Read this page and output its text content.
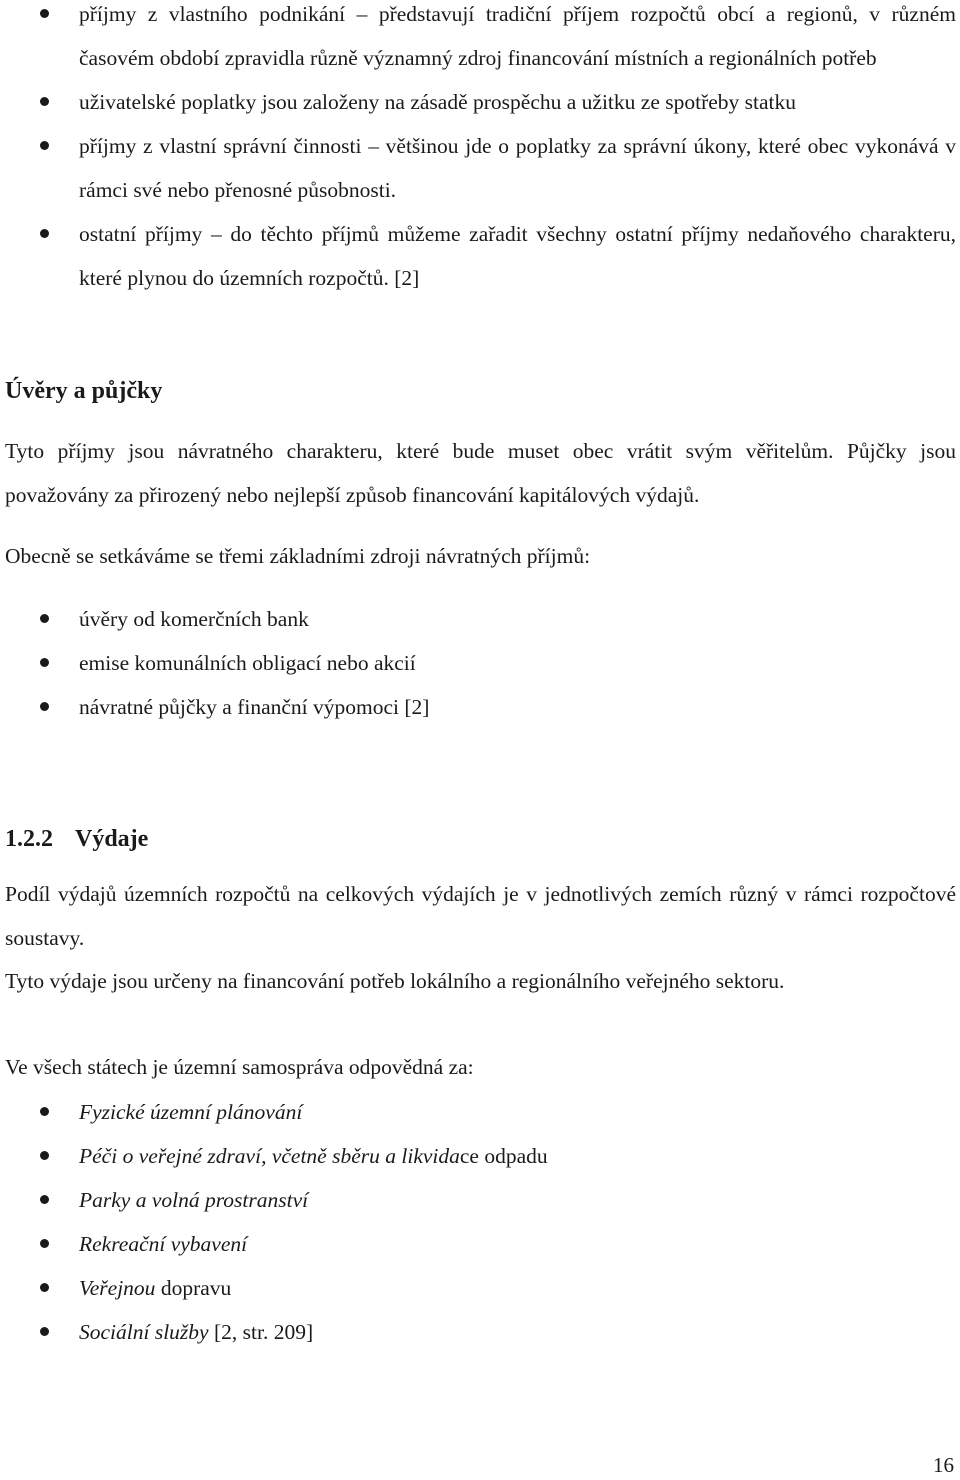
příjmy z vlastního podnikání – představují tradiční příjem rozpočtů obcí a regionů, v různém časovém období zpravidla různě významný zdroj financování místních a regionálních potřeb
uživatelské poplatky jsou založeny na zásadě prospěchu a užitku ze spotřeby statku
příjmy z vlastní správní činnosti – většinou jde o poplatky za správní úkony, které obec vykonává v rámci své nebo přenosné působnosti.
ostatní příjmy – do těchto příjmů můžeme zařadit všechny ostatní příjmy nedaňového charakteru, které plynou do územních rozpočtů. [2]
Úvěry a půjčky
Tyto příjmy jsou návratného charakteru, které bude muset obec vrátit svým věřitelům. Půjčky jsou považovány za přirozený nebo nejlepší způsob financování kapitálových výdajů.
Obecně se setkáváme se třemi základními zdroji návratných příjmů:
úvěry od komerčních bank
emise komunálních obligací nebo akcií
návratné půjčky a finanční výpomoci [2]
1.2.2 Výdaje
Podíl výdajů územních rozpočtů na celkových výdajích je v jednotlivých zemích různý v rámci rozpočtové soustavy.
Tyto výdaje jsou určeny na financování potřeb lokálního a regionálního veřejného sektoru.
Ve všech státech je územní samospráva odpovědná za:
Fyzické územní plánování
Péči o veřejné zdraví, včetně sběru a likvidace odpadu
Parky a volná prostranství
Rekreační vybavení
Veřejnou dopravu
Sociální služby [2, str. 209]
16
